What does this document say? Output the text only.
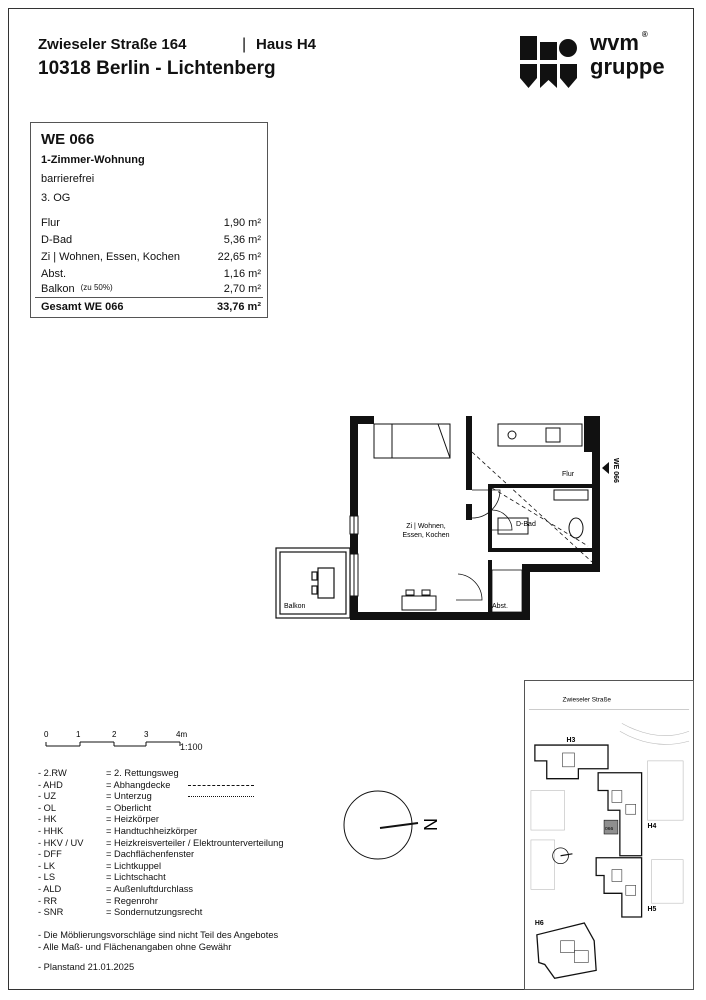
Zwieseler Straße 164	| Haus H4
10318 Berlin - Lichtenberg
wvm ®
gruppe
WE 066
1-Zimmer-Wohnung
barrierefrei
3. OG
Flur	1,90 m²
D-Bad	5,36 m²
Zi | Wohnen, Essen, Kochen	22,65 m²
Abst.	1,16 m²
Balkon $^{(zu 50\%)}$	2,70 m²
Gesamt WE 066	33,76 m²
Zi | Wohnen,
Essen, Kochen
D-Bad
Flur
Abst.
Balkon
WE 066
0	1	2	3	4m
1:100
- 2.RW	= 2. Rettungsweg
- AHD	= Abhangdecke
- UZ	= Unterzug
- OL	= Oberlicht
- HK	= Heizkörper
- HHK	= Handtuchheizkörper
- HKV / UV = Heizkreisverteiler / Elektrounterverteilung
- DFF	= Dachflächenfenster
- LK	= Lichtkuppel
- LS	= Lichtschacht
- ALD	= Außenluftdurchlass
- RR	= Regenrohr
- SNR	= Sondernutzungsrecht
N
- Die Möblierungsvorschläge sind nicht Teil des Angebotes
- Alle Maß- und Flächenangaben ohne Gewähr
- Planstand 21.01.2025
Zwieseler Straße
066
H3
H4
H5
H6
